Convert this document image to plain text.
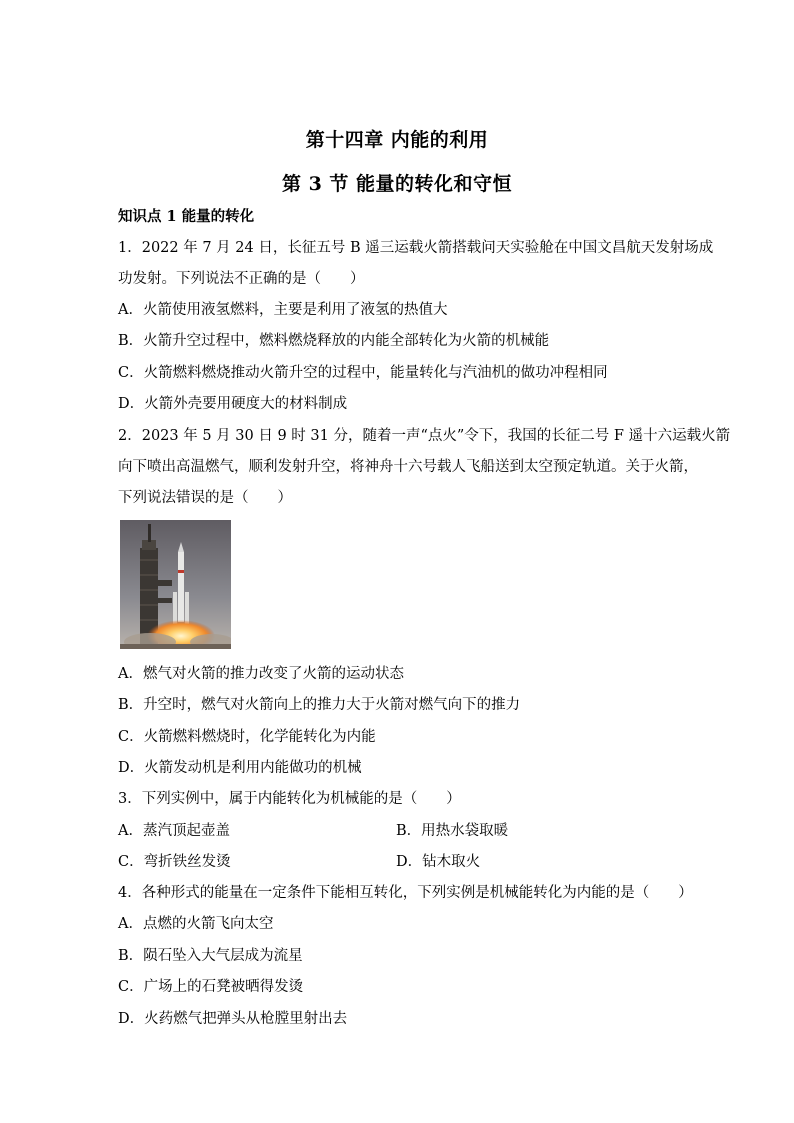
第十四章 内能的利用
第 3 节 能量的转化和守恒
知识点 1 能量的转化
1．2022 年 7 月 24 日，长征五号 B 遥三运载火箭搭载问天实验舱在中国文昌航天发射场成
功发射。下列说法不正确的是（　　）
A．火箭使用液氢燃料，主要是利用了液氢的热值大
B．火箭升空过程中，燃料燃烧释放的内能全部转化为火箭的机械能
C．火箭燃料燃烧推动火箭升空的过程中，能量转化与汽油机的做功冲程相同
D．火箭外壳要用硬度大的材料制成
2．2023 年 5 月 30 日 9 时 31 分，随着一声“点火”令下，我国的长征二号 F 遥十六运载火箭
向下喷出高温燃气，顺利发射升空，将神舟十六号载人飞船送到太空预定轨道。关于火箭，
下列说法错误的是（　　）
A．燃气对火箭的推力改变了火箭的运动状态
B．升空时，燃气对火箭向上的推力大于火箭对燃气向下的推力
C．火箭燃料燃烧时，化学能转化为内能
D．火箭发动机是利用内能做功的机械
3．下列实例中，属于内能转化为机械能的是（　　）
A．蒸汽顶起壶盖	B．用热水袋取暖
C．弯折铁丝发烫	D．钻木取火
4．各种形式的能量在一定条件下能相互转化，下列实例是机械能转化为内能的是（　　）
A．点燃的火箭飞向太空
B．陨石坠入大气层成为流星
C．广场上的石凳被晒得发烫
D．火药燃气把弹头从枪膛里射出去
